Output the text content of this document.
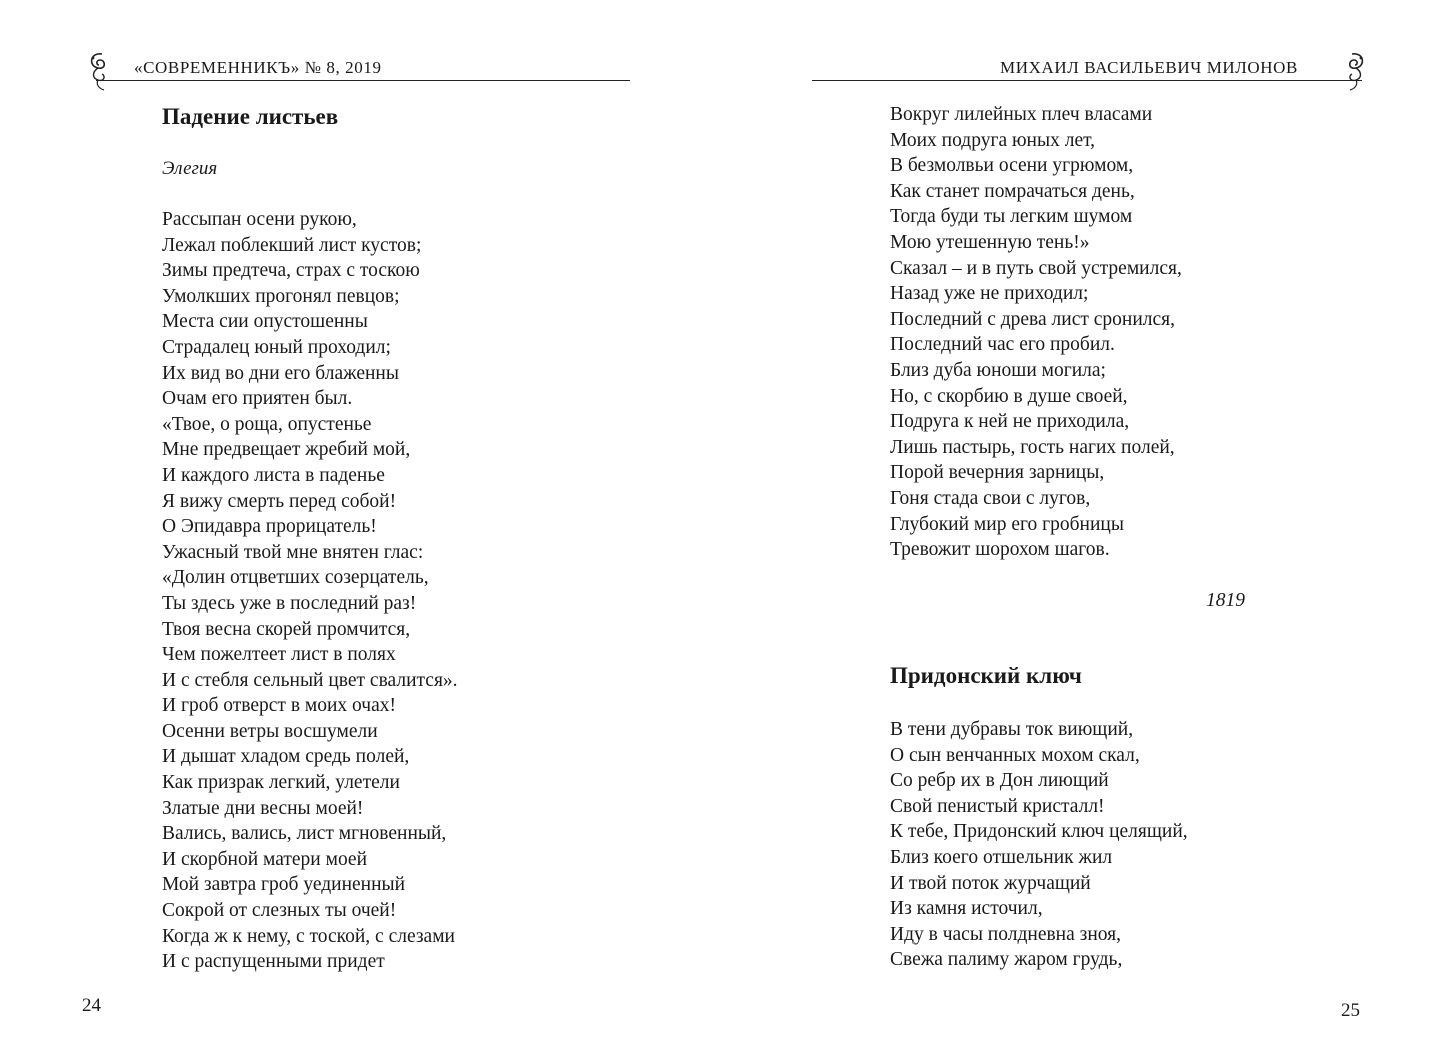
«СОВРЕМЕННИКЪ» № 8, 2019
Падение листьев
Элегия
Рассыпан осени рукою,
Лежал поблекший лист кустов;
Зимы предтеча, страх с тоскою
Умолкших прогонял певцов;
Места сии опустошенны
Страдалец юный проходил;
Их вид во дни его блаженны
Очам его приятен был.
«Твое, о роща, опустенье
Мне предвещает жребий мой,
И каждого листа в паденье
Я вижу смерть перед собой!
О Эпидавра прорицатель!
Ужасный твой мне внятен глас:
«Долин отцветших созерцатель,
Ты здесь уже в последний раз!
Твоя весна скорей промчится,
Чем пожелтеет лист в полях
И с стебля сельный цвет свалится».
И гроб отверст в моих очах!
Осенни ветры восшумели
И дышат хладом средь полей,
Как призрак легкий, улетели
Златые дни весны моей!
Вались, вались, лист мгновенный,
И скорбной матери моей
Мой завтра гроб уединенный
Сокрой от слезных ты очей!
Когда ж к нему, с тоской, с слезами
И с распущенными придет
24
МИХАИЛ ВАСИЛЬЕВИЧ МИЛОНОВ
Вокруг лилейных плеч власами
Моих подруга юных лет,
В безмолвьи осени угрюмом,
Как станет помрачаться день,
Тогда буди ты легким шумом
Мою утешенную тень!»
Сказал – и в путь свой устремился,
Назад уже не приходил;
Последний с древа лист сронился,
Последний час его пробил.
Близ дуба юноши могила;
Но, с скорбию в душе своей,
Подруга к ней не приходила,
Лишь пастырь, гость нагих полей,
Порой вечерния зарницы,
Гоня стада свои с лугов,
Глубокий мир его гробницы
Тревожит шорохом шагов.
1819
Придонский ключ
В тени дубравы ток виющий,
О сын венчанных мохом скал,
Со ребр их в Дон лиющий
Свой пенистый кристалл!
К тебе, Придонский ключ целящий,
Близ коего отшельник жил
И твой поток журчащий
Из камня источил,
Иду в часы полдневна зноя,
Свежа палиму жаром грудь,
25
